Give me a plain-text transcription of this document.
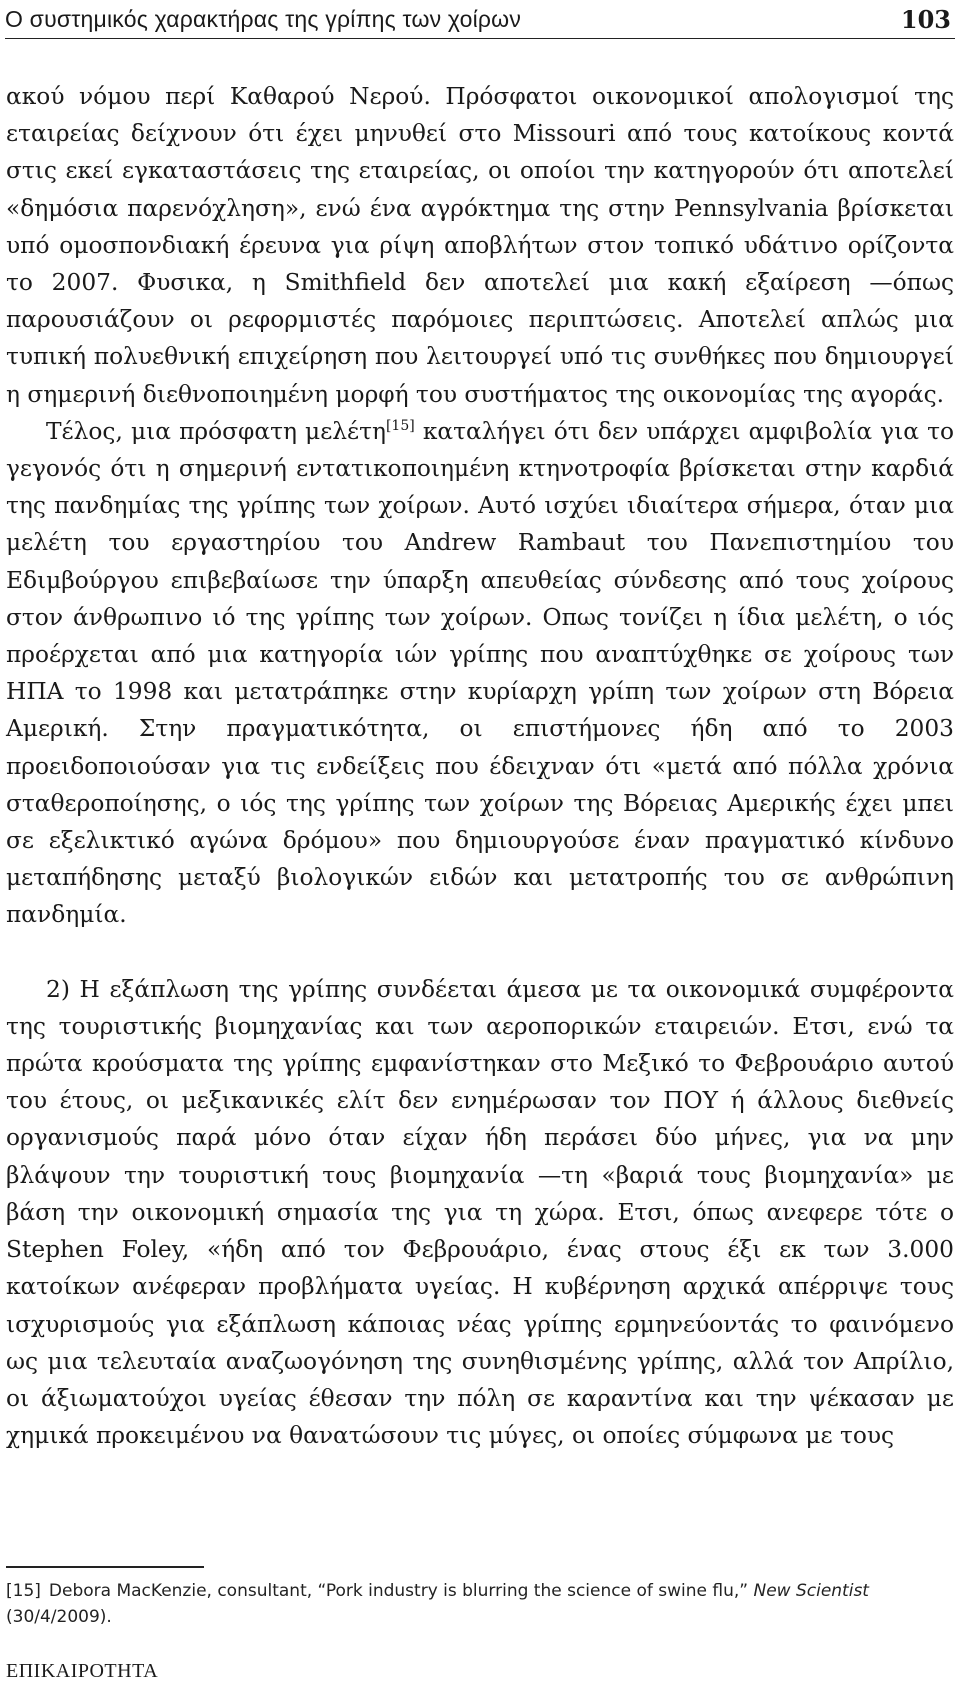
Ο συστημικός χαρακτήρας της γρίπης των χοίρων	103

ακού νόμου περί Καθαρού Νερού. Πρόσφατοι οικονομικοί απολογισμοί της εταιρείας δείχνουν ότι έχει μηνυθεί στο Missouri από τους κατοίκους κοντά στις εκεί εγκαταστάσεις της εταιρείας, οι οποίοι την κατηγορούν ότι αποτελεί «δημόσια παρενόχληση», ενώ ένα αγρόκτημα της στην Pennsylvania βρίσκεται υπό ομοσπονδιακή έρευνα για ρίψη αποβλήτων στον τοπικό υδάτινο ορίζοντα το 2007. Φυσικα, η Smithfield δεν αποτελεί μια κακή εξαίρεση —όπως παρουσιάζουν οι ρεφορμιστές παρόμοιες περιπτώσεις. Αποτελεί απλώς μια τυπική πολυεθνική επιχείρηση που λειτουργεί υπό τις συνθήκες που δημιουργεί η σημερινή διεθνοποιημένη μορφή του συστήματος της οικονομίας της αγοράς.

Τέλος, μια πρόσφατη μελέτη[15] καταλήγει ότι δεν υπάρχει αμφιβολία για το γεγονός ότι η σημερινή εντατικοποιημένη κτηνοτροφία βρίσκεται στην καρδιά της πανδημίας της γρίπης των χοίρων. Αυτό ισχύει ιδιαίτερα σήμερα, όταν μια μελέτη του εργαστηρίου του Andrew Rambaut του Πανεπιστημίου του Εδιμβούργου επιβεβαίωσε την ύπαρξη απευθείας σύνδεσης από τους χοίρους στον άνθρωπινο ιό της γρίπης των χοίρων. Oπως τονίζει η ίδια μελέτη, ο ιός προέρχεται από μια κατηγορία ιών γρίπης που αναπτύχθηκε σε χοίρους των ΗΠΑ το 1998 και μετατράπηκε στην κυρίαρχη γρίπη των χοίρων στη Βόρεια Αμερική. Στην πραγματικότητα, οι επιστήμονες ήδη από το 2003 προειδοποιούσαν για τις ενδείξεις που έδειχναν ότι «μετά από πόλλα χρόνια σταθεροποίησης, ο ιός της γρίπης των χοίρων της Βόρειας Αμερικής έχει μπει σε εξελικτικό αγώνα δρόμου» που δημιουργούσε έναν πραγματικό κίνδυνο μεταπήδησης μεταξύ βιολογικών ειδών και μετατροπής του σε ανθρώπινη πανδημία.

2) Η εξάπλωση της γρίπης συνδέεται άμεσα με τα οικονομικά συμφέροντα της τουριστικής βιομηχανίας και των αεροπορικών εταιρειών. Ετσι, ενώ τα πρώτα κρούσματα της γρίπης εμφανίστηκαν στο Μεξικό το Φεβρουάριο αυτού του έτους, οι μεξικανικές ελίτ δεν ενημέρωσαν τον ΠΟΥ ή άλλους διεθνείς οργανισμούς παρά μόνο όταν είχαν ήδη περάσει δύο μήνες, για να μην βλάψουν την τουριστική τους βιομηχανία —τη «βαριά τους βιομηχανία» με βάση την οικονομική σημασία της για τη χώρα. Ετσι, όπως ανεφερε τότε ο Stephen Foley, «ήδη από τον Φεβρουάριο, ένας στους έξι εκ των 3.000 κατοίκων ανέφεραν προβλήματα υγείας. Η κυβέρνηση αρχικά απέρριψε τους ισχυρισμούς για εξάπλωση κάποιας νέας γρίπης ερμηνεύοντάς το φαινόμενο ως μια τελευταία αναζωογόνηση της συνηθισμένης γρίπης, αλλά τον Απρίλιο, οι άξιωματούχοι υγείας έθεσαν την πόλη σε καραντίνα και την ψέκασαν με χημικά προκειμένου να θανατώσουν τις μύγες, οι οποίες σύμφωνα με τους

[15] Debora MacKenzie, consultant, “Pork industry is blurring the science of swine flu,” New Scientist
(30/4/2009).
ΕΠΙΚΑΙΡΟΤΗΤΑ
